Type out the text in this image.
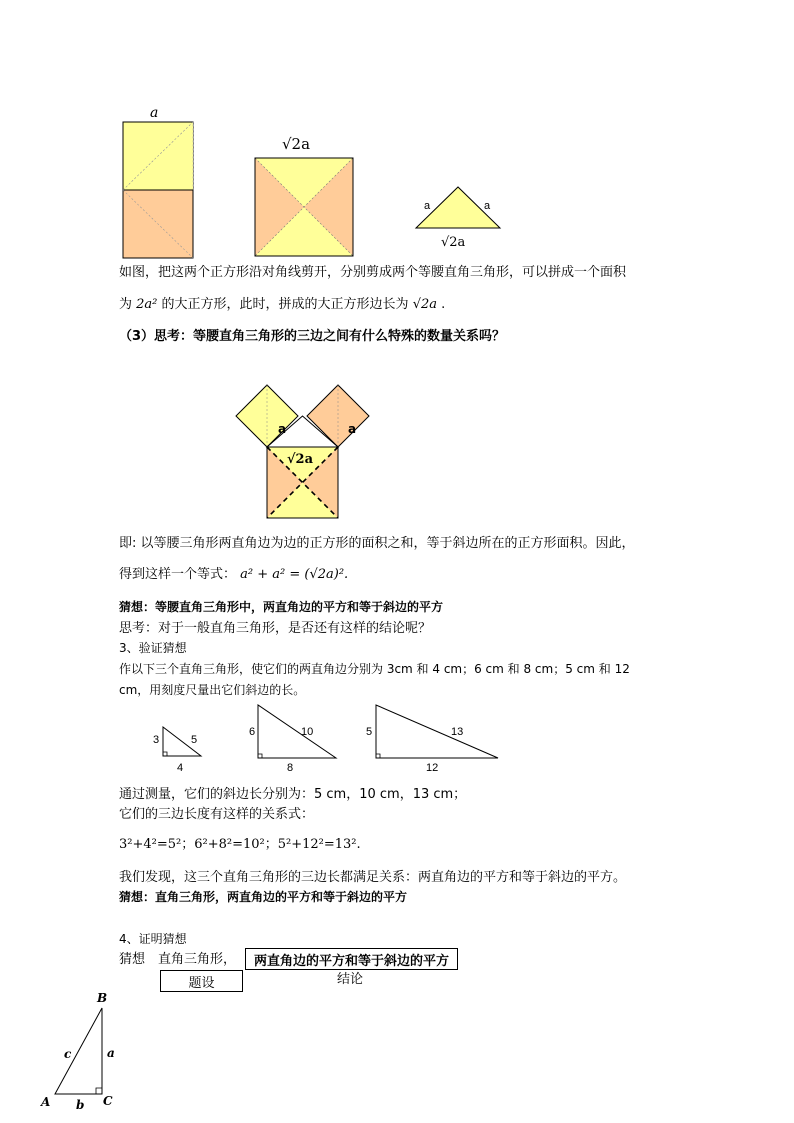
a
√2a
a	a
√2a
如图，把这两个正方形沿对角线剪开，分别剪成两个等腰直角三角形，可以拼成一个面积
为 2a² 的大正方形，此时，拼成的大正方形边长为 √2a .
（3）思考：等腰直角三角形的三边之间有什么特殊的数量关系吗？
a	a
√2a
即: 以等腰三角形两直角边为边的正方形的面积之和，等于斜边所在的正方形面积。因此，
得到这样一个等式： a² + a² = (√2a)².
猜想：等腰直角三角形中，两直角边的平方和等于斜边的平方
思考：对于一般直角三角形，是否还有这样的结论呢？
3、验证猜想
作以下三个直角三角形，使它们的两直角边分别为 3cm 和 4 cm；6 cm 和 8 cm；5 cm 和 12
cm，用刻度尺量出它们斜边的长。
3
4
5
6
8
10	5
12
13
通过测量，它们的斜边长分别为：5 cm，10 cm，13 cm；
它们的三边长度有这样的关系式：
3²+4²=5²；6²+8²=10²；5²+12²=13².
我们发现，这三个直角三角形的三边长都满足关系：两直角边的平方和等于斜边的平方。
猜想：直角三角形，两直角边的平方和等于斜边的平方
4、证明猜想
猜想　直角三角形，	两直角边的平方和等于斜边的平方
题设	结论
B
A	C
a
c
b
